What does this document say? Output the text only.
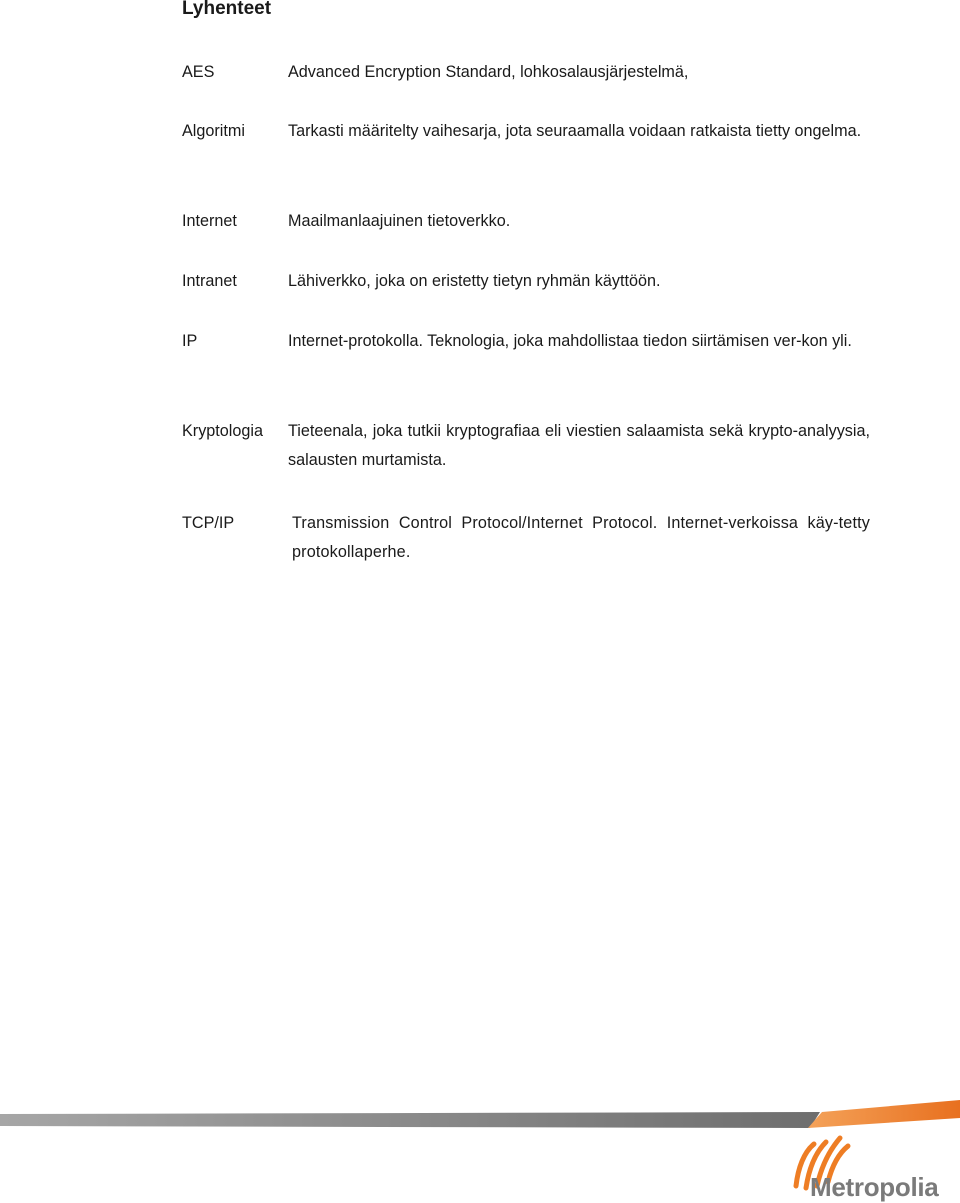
Lyhenteet
AES	Advanced Encryption Standard, lohkosalausjärjestelmä,
Algoritmi	Tarkasti määritelty vaihesarja, jota seuraamalla voidaan ratkaista tietty ongelma.
Internet	Maailmanlaajuinen tietoverkko.
Intranet	Lähiverkko, joka on eristetty tietyn ryhmän käyttöön.
IP	Internet-protokolla. Teknologia, joka mahdollistaa tiedon siirtämisen ver-kon yli.
Kryptologia Tieteenala, joka tutkii kryptografiaa eli viestien salaamista sekä krypto-analyysia, salausten murtamista.
TCP/IP	Transmission Control Protocol/Internet Protocol. Internet-verkoissa käy-tetty protokollaperhe.
Metropolia
